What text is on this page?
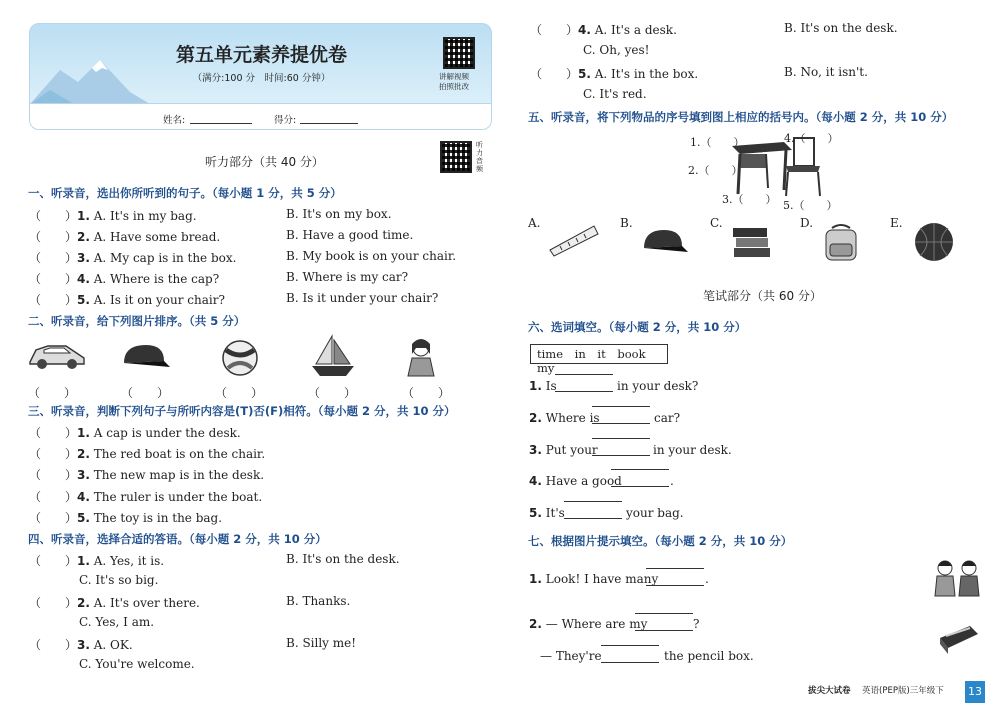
第五单元素养提优卷
（满分:100 分　时间:60 分钟）	讲解视频
拍照批改
姓名:	得分:
听力部分（共 40 分）
听力音频
一、听录音，选出你所听到的句子。（每小题 1 分，共 5 分）
（　　）1. A. It's in my bag.	B. It's on my box.
（　　）2. A. Have some bread.	B. Have a good time.
（　　）3. A. My cap is in the box.	B. My book is on your chair.
（　　）4. A. Where is the cap?	B. Where is my car?
（　　）5. A. Is it on your chair?	B. Is it under your chair?
二、听录音，给下列图片排序。（共 5 分）
（　　）	（　　）	（　　）	（　　）	（　　）
三、听录音，判断下列句子与所听内容是(T)否(F)相符。（每小题 2 分，共 10 分）
（　　）1. A cap is under the desk.
（　　）2. The red boat is on the chair.
（　　）3. The new map is in the desk.
（　　）4. The ruler is under the boat.
（　　）5. The toy is in the bag.
四、听录音，选择合适的答语。（每小题 2 分，共 10 分）
（　　）1. A. Yes, it is.	B. It's on the desk.
C. It's so big.
（　　）2. A. It's over there.	B. Thanks.
C. Yes, I am.
（　　）3. A. OK.	B. Silly me!
C. You're welcome.
（　　）4. A. It's a desk.	B. It's on the desk.
C. Oh, yes!
（　　）5. A. It's in the box.	B. No, it isn't.
C. It's red.
五、听录音，将下列物品的序号填到图上相应的括号内。（每小题 2 分，共 10 分）
1.（　　）
2.（　　）
3.（　　）
4.（　　）
5.（　　）
A.	B.	C.	D.	E.
笔试部分（共 60 分）
六、选词填空。（每小题 2 分，共 10 分）
time in it book my
1. Is	in your desk?
2. Where is	car?
3. Put your	in your desk.
4. Have a good	.
5. It's	your bag.
七、根据图片提示填空。（每小题 2 分，共 10 分）
1. Look! I have many	.
2. — Where are my	?
— They're	the pencil box.
拔尖大试卷 英语(PEP版)三年级下 13
